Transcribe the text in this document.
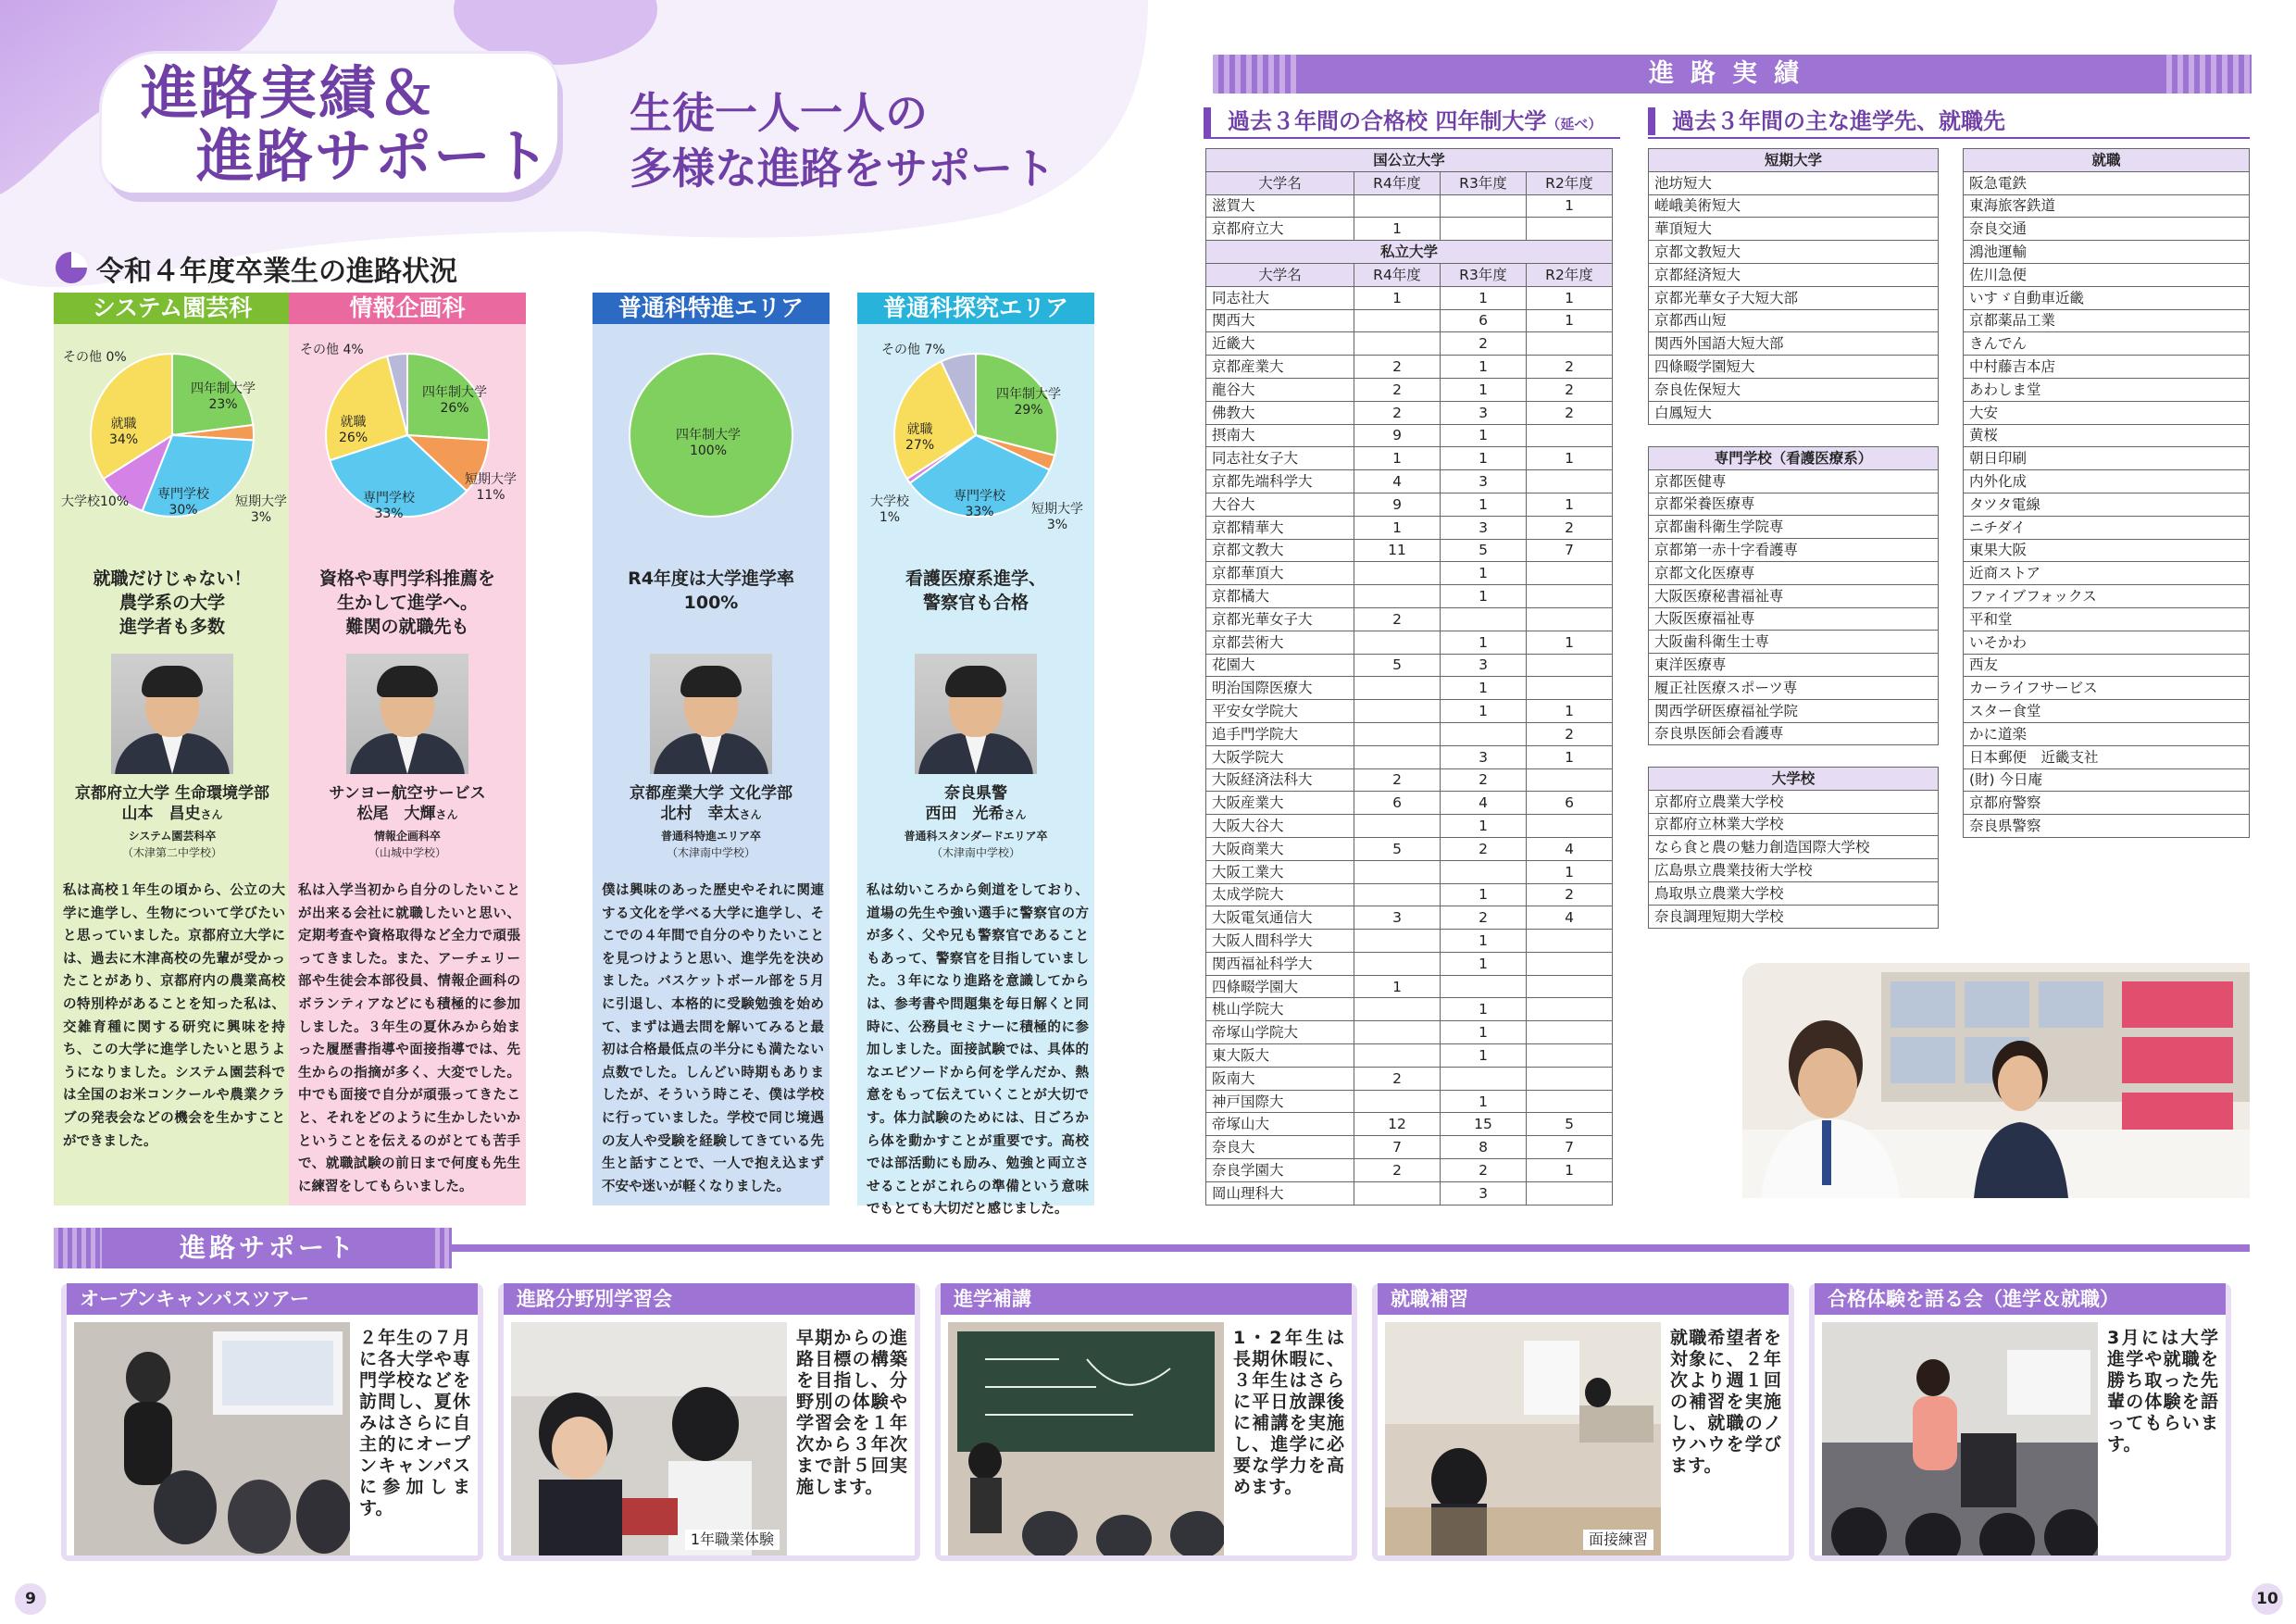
進路実績＆
進路サポート
生徒一人一人の
多様な進路をサポート
令和４年度卒業生の進路状況
システム園芸科
四年制大学
23%
短期大学
3%
専門学校
30%
大学校10%
就職
34%
その他 0%
就職だけじゃない！
農学系の大学
進学者も多数
京都府立大学 生命環境学部
山本　昌史さん
システム園芸科卒
（木津第二中学校）
私は高校１年生の頃から、公立の大学に進学し、生物について学びたいと思っていました。京都府立大学には、過去に木津高校の先輩が受かったことがあり、京都府内の農業高校の特別枠があることを知った私は、交雑育種に関する研究に興味を持ち、この大学に進学したいと思うようになりました。システム園芸科では全国のお米コンクールや農業クラブの発表会などの機会を生かすことができました。
情報企画科
四年制大学
26%
短期大学
11%
専門学校
33%
就職
26%
その他 4%
資格や専門学科推薦を
生かして進学へ。
難関の就職先も
サンヨー航空サービス
松尾　大輝さん
情報企画科卒
（山城中学校）
私は入学当初から自分のしたいことが出来る会社に就職したいと思い、定期考査や資格取得など全力で頑張ってきました。また、アーチェリー部や生徒会本部役員、情報企画科のボランティアなどにも積極的に参加しました。３年生の夏休みから始まった履歴書指導や面接指導では、先生からの指摘が多く、大変でした。中でも面接で自分が頑張ってきたこと、それをどのように生かしたいかということを伝えるのがとても苦手で、就職試験の前日まで何度も先生に練習をしてもらいました。
普通科特進エリア
四年制大学
100%
R4年度は大学進学率
100%
京都産業大学 文化学部
北村　幸太さん
普通科特進エリア卒
（木津南中学校）
僕は興味のあった歴史やそれに関連する文化を学べる大学に進学し、そこでの４年間で自分のやりたいことを見つけようと思い、進学先を決めました。バスケットボール部を５月に引退し、本格的に受験勉強を始めて、まずは過去問を解いてみると最初は合格最低点の半分にも満たない点数でした。しんどい時期もありましたが、そういう時こそ、僕は学校に行っていました。学校で同じ境遇の友人や受験を経験してきている先生と話すことで、一人で抱え込まず不安や迷いが軽くなりました。
普通科探究エリア
四年制大学
29%
短期大学
3%
専門学校
33%
大学校
1%
就職
27%
その他 7%
看護医療系進学、
警察官も合格
奈良県警
西田　光希さん
普通科スタンダードエリア卒
（木津南中学校）
私は幼いころから剣道をしており、道場の先生や強い選手に警察官の方が多く、父や兄も警察官であることもあって、警察官を目指していました。３年になり進路を意識してからは、参考書や問題集を毎日解くと同時に、公務員セミナーに積極的に参加しました。面接試験では、具体的なエピソードから何を学んだか、熱意をもって伝えていくことが大切です。体力試験のためには、日ごろから体を動かすことが重要です。高校では部活動にも励み、勉強と両立させることがこれらの準備という意味でもとても大切だと感じました。
進路実績
過去３年間の合格校 四年制大学（延べ）	過去３年間の主な進学先、就職先
国公立大学			
大学名	R4年度	R3年度	R2年度
滋賀大			1
京都府立大	1		
私立大学			
大学名	R4年度	R3年度	R2年度
同志社大	1	1	1
関西大		6	1
近畿大		2	
京都産業大	2	1	2
龍谷大	2	1	2
佛教大	2	3	2
摂南大	9	1	
同志社女子大	1	1	1
京都先端科学大	4	3	
大谷大	9	1	1
京都精華大	1	3	2
京都文教大	11	5	7
京都華頂大		1	
京都橘大		1	
京都光華女子大	2		
京都芸術大		1	1
花園大	5	3	
明治国際医療大		1	
平安女学院大		1	1
追手門学院大			2
大阪学院大		3	1
大阪経済法科大	2	2	
大阪産業大	6	4	6
大阪大谷大		1	
大阪商業大	5	2	4
大阪工業大			1
太成学院大		1	2
大阪電気通信大	3	2	4
大阪人間科学大		1	
関西福祉科学大		1	
四條畷学園大	1		
桃山学院大		1	
帝塚山学院大		1	
東大阪大		1	
阪南大	2		
神戸国際大		1	
帝塚山大	12	15	5
奈良大	7	8	7
奈良学園大	2	2	1
岡山理科大		3	
短期大学
池坊短大
嵯峨美術短大
華頂短大
京都文教短大
京都経済短大
京都光華女子大短大部
京都西山短
関西外国語大短大部
四條畷学園短大
奈良佐保短大
白鳳短大
専門学校（看護医療系）
京都医健専
京都栄養医療専
京都歯科衛生学院専
京都第一赤十字看護専
京都文化医療専
大阪医療秘書福祉専
大阪医療福祉専
大阪歯科衛生士専
東洋医療専
履正社医療スポーツ専
関西学研医療福祉学院
奈良県医師会看護専
大学校
京都府立農業大学校
京都府立林業大学校
なら食と農の魅力創造国際大学校
広島県立農業技術大学校
鳥取県立農業大学校
奈良調理短期大学校
就職
阪急電鉄
東海旅客鉄道
奈良交通
鴻池運輸
佐川急便
いすゞ自動車近畿
京都薬品工業
きんでん
中村藤吉本店
あわしま堂
大安
黄桜
朝日印刷
内外化成
タツタ電線
ニチダイ
東果大阪
近商ストア
ファイブフォックス
平和堂
いそかわ
西友
カーライフサービス
スター食堂
かに道楽
日本郵便　近畿支社
(財) 今日庵
京都府警察
奈良県警察
進路サポート
オープンキャンパスツアー
２年生の７月に各大学や専門学校などを訪問し、夏休みはさらに自主的にオープンキャンパスに参加します。
進路分野別学習会
1年職業体験
早期からの進路目標の構築を目指し、分野別の体験や学習会を１年次から３年次まで計５回実施します。
進学補講
1・2年生は長期休暇に、３年生はさらに平日放課後に補講を実施し、進学に必要な学力を高めます。
就職補習
面接練習
就職希望者を対象に、２年次より週１回の補習を実施し、就職のノウハウを学びます。
合格体験を語る会（進学＆就職）
3月には大学進学や就職を勝ち取った先輩の体験を語ってもらいます。
9	10
